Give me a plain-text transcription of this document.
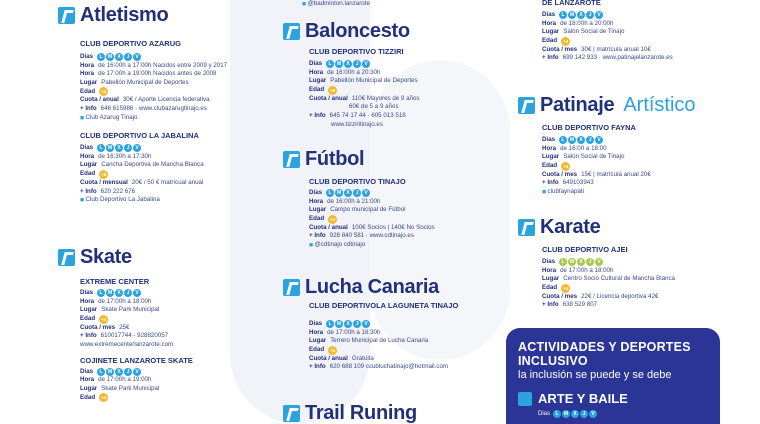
Atletismo
CLUB DEPORTIVO AZARUG
Dias	L	M	X	J	V
Hora de 16:00h a 17:00h Nacidos entre 2009 y 2017
Hora de 17:00h a 19:00h Nacidos antes de 2008
Lugar Pabellón Municipal de Deportes
Edad	+4
Cuota / anual 30€ / Aporte Licencia federativa
+ Info 646 615986 · www.clubazarugtinajo.es
◼ Club Azarug Tinajo
CLUB DEPORTIVO LA JABALINA
Dias	L	M	X	J	V
Hora de 16:30h a 17:30h
Lugar Cancha Deportiva de Mancha Blanca
Edad	+5
Cuota / mensual 20€ / 50 € matrícual anual
+ Info 620 222 676
◼ Club Deportivo La Jabalina
Skate
EXTREME CENTER
Dias	L	M	X	J	V
Hora de 17:00h a 18:00h
Lugar Skate Park Municipal
Edad	+4
Cuota / mes 25€
+ Info 610017744 - 928820057
www.extremecenterlanzarote.com
COJINETE LANZAROTE SKATE
Dias	L	M	X	J	V
Hora de 17:00h a 19:00h
Lugar Skate Park Municipal
Edad	+4
◼ @badminton.lanzarote
Baloncesto
CLUB DEPORTIVO TIZZIRI
Dias	L	M	X	J	V
Hora de 16:00h a 20:30h
Lugar Pabellón Municipal de Deportes
Edad	+6
Cuota / anual 110€ Mayores de 9 años
60€ de 5 a 9 años
+ Info 645 74 17 44 · 605 013 518
www.tizziritinajo.es
Fútbol
CLUB DEPORTIVO TINAJO
Dias	L	M	X	J	V
Hora de 16:00h a 21:00h
Lugar Campo municipal de Fútbol
Edad	+4
Cuota / anual 100€ Socios | 140€ No Socios
+ Info 928 840 581 · www.cdtinajo.es
◼ @cdtinajo cdtinajo
Lucha Canaria
CLUB DEPORTIVOLA LAGUNETA TINAJO
Dias	L	M	X	J	V
Hora de 17:00h a 18:30h
Lugar Terrero Municipal de Lucha Canaria
Edad	+6
Cuota / anual Gratuita
+ Info 620 688 109 ccubluchatinajo@hotmail.com
Trail Runing
DE LANZAROTE
Dias	L	M	X	J	V
Hora de 18:00h a 20:00h
Lugar Salón Social de Tinajo
Edad	+4
Cuota / mes 30€ | matrícula anual 10€
+ Info 699 142 933 · www.patinajelanzarote.es
Patinaje Artístico
CLUB DEPORTIVO FAYNA
Dias	L	M	X	J	V
Hora de 16:00 a 18:00
Lugar Salón Social de Tinajo
Edad	+4
Cuota / mes 15€ | matrícula anual 20€
+ Info 649103943
◼ clubfaynapati
Karate
CLUB DEPORTIVO AJEI
Dias	L	M	X	J	V
Hora de 17:00h a 18:00h
Lugar Centro Socio Cultural de Mancha Blanca
Edad	+4
Cuota / mes 22€ / Licencia deportiva 42€
+ Info 638 529 807
ACTIVIDADES Y DEPORTES
INCLUSIVO
la inclusión se puede y se debe
ARTE Y BAILE
Dias	L	M	X	J	V
